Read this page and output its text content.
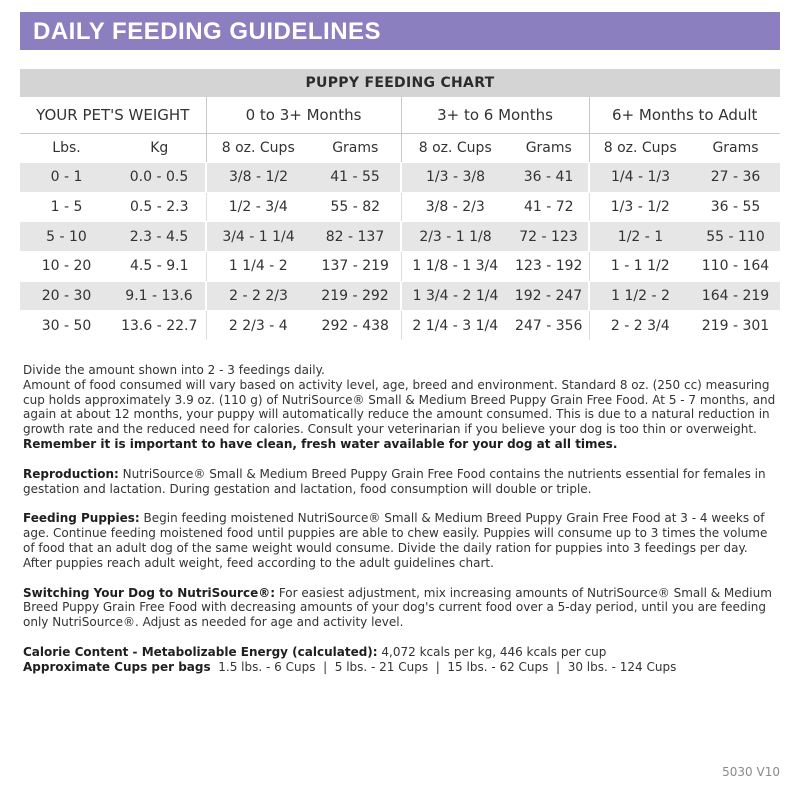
DAILY FEEDING GUIDELINES
PUPPY FEEDING CHART							
YOUR PET'S WEIGHT		0 to 3+ Months		3+ to 6 Months		6+ Months to Adult	
Lbs.	Kg	8 oz. Cups	Grams	8 oz. Cups	Grams	8 oz. Cups	Grams
0 - 1	0.0 - 0.5	3/8 - 1/2	41 - 55	1/3 - 3/8	36 - 41	1/4 - 1/3	27 - 36
1 - 5	0.5 - 2.3	1/2 - 3/4	55 - 82	3/8 - 2/3	41 - 72	1/3 - 1/2	36 - 55
5 - 10	2.3 - 4.5	3/4 - 1 1/4	82 - 137	2/3 - 1 1/8	72 - 123	1/2 - 1	55 - 110
10 - 20	4.5 - 9.1	1 1/4 - 2	137 - 219	1 1/8 - 1 3/4	123 - 192	1 - 1 1/2	110 - 164
20 - 30	9.1 - 13.6	2 - 2 2/3	219 - 292	1 3/4 - 2 1/4	192 - 247	1 1/2 - 2	164 - 219
30 - 50	13.6 - 22.7	2 2/3 - 4	292 - 438	2 1/4 - 3 1/4	247 - 356	2 - 2 3/4	219 - 301

Divide the amount shown into 2 - 3 feedings daily.
Amount of food consumed will vary based on activity level, age, breed and environment. Standard 8 oz. (250 cc) measuring cup holds approximately 3.9 oz. (110 g) of NutriSource® Small & Medium Breed Puppy Grain Free Food. At 5 - 7 months, and again at about 12 months, your puppy will automatically reduce the amount consumed. This is due to a natural reduction in growth rate and the reduced need for calories. Consult your veterinarian if you believe your dog is too thin or overweight.
Remember it is important to have clean, fresh water available for your dog at all times.

Reproduction: NutriSource® Small & Medium Breed Puppy Grain Free Food contains the nutrients essential for females in gestation and lactation. During gestation and lactation, food consumption will double or triple.

Feeding Puppies: Begin feeding moistened NutriSource® Small & Medium Breed Puppy Grain Free Food at 3 - 4 weeks of age. Continue feeding moistened food until puppies are able to chew easily. Puppies will consume up to 3 times the volume of food that an adult dog of the same weight would consume. Divide the daily ration for puppies into 3 feedings per day. After puppies reach adult weight, feed according to the adult guidelines chart.

Switching Your Dog to NutriSource®: For easiest adjustment, mix increasing amounts of NutriSource® Small & Medium Breed Puppy Grain Free Food with decreasing amounts of your dog's current food over a 5-day period, until you are feeding only NutriSource®. Adjust as needed for age and activity level.

Calorie Content - Metabolizable Energy (calculated): 4,072 kcals per kg, 446 kcals per cup
Approximate Cups per bags  1.5 lbs. - 6 Cups  |  5 lbs. - 21 Cups  |  15 lbs. - 62 Cups  |  30 lbs. - 124 Cups

5030 V10
